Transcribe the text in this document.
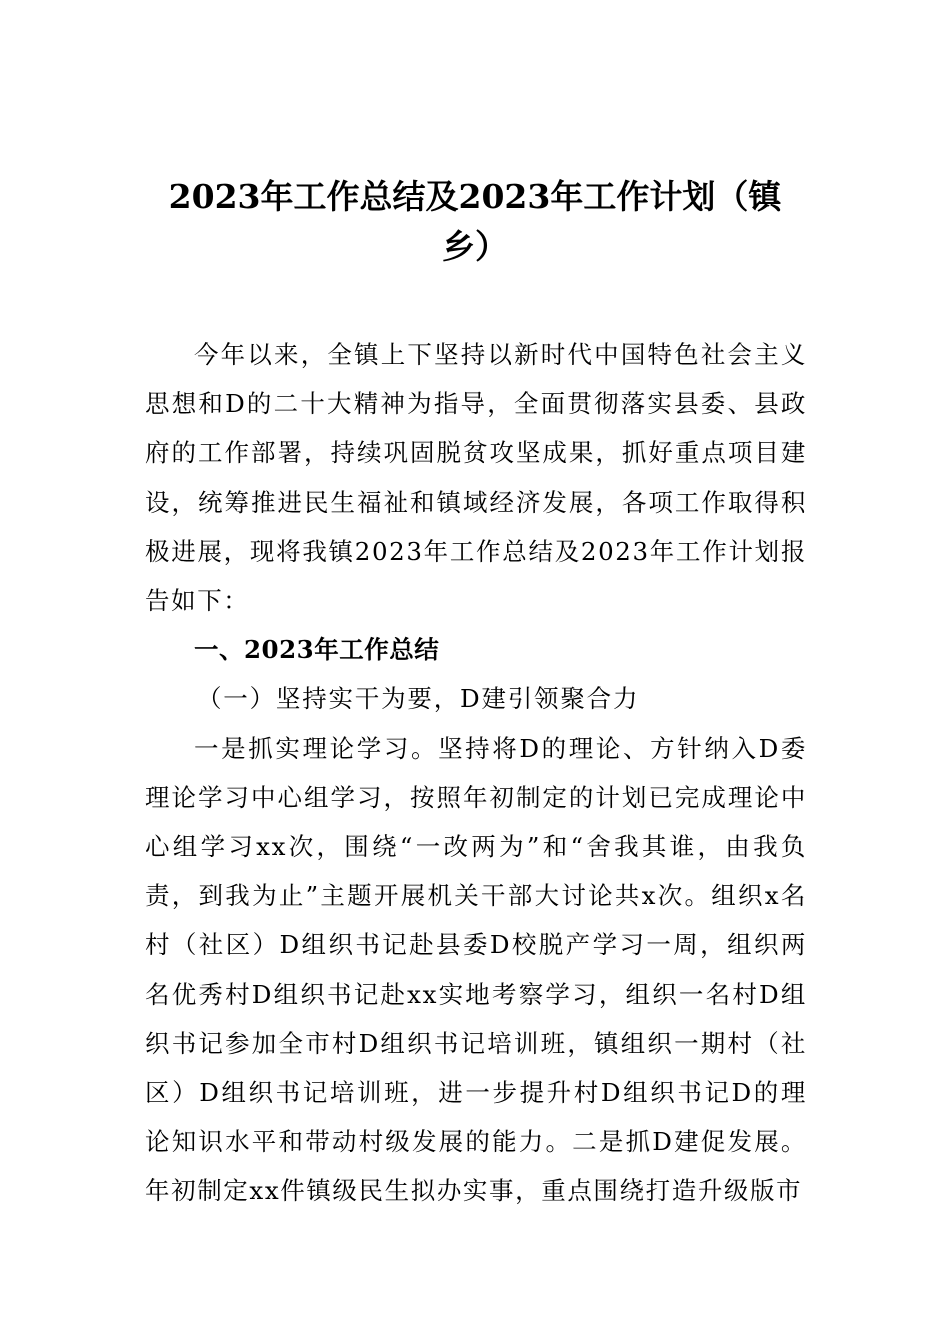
2023年工作总结及2023年工作计划（镇乡）

今年以来，全镇上下坚持以新时代中国特色社会主义思想和D的二十大精神为指导，全面贯彻落实县委、县政府的工作部署，持续巩固脱贫攻坚成果，抓好重点项目建设，统筹推进民生福祉和镇域经济发展，各项工作取得积极进展，现将我镇2023年工作总结及2023年工作计划报告如下：

一、2023年工作总结

（一）坚持实干为要，D建引领聚合力

一是抓实理论学习。坚持将D的理论、方针纳入D委理论学习中心组学习，按照年初制定的计划已完成理论中心组学习xx次，围绕“一改两为”和“舍我其谁，由我负责，到我为止”主题开展机关干部大讨论共x次。组织x名村（社区）D组织书记赴县委D校脱产学习一周，组织两名优秀村D组织书记赴xx实地考察学习，组织一名村D组织书记参加全市村D组织书记培训班，镇组织一期村（社区）D组织书记培训班，进一步提升村D组织书记D的理论知识水平和带动村级发展的能力。二是抓D建促发展。年初制定xx件镇级民生拟办实事，重点围绕打造升级版市
